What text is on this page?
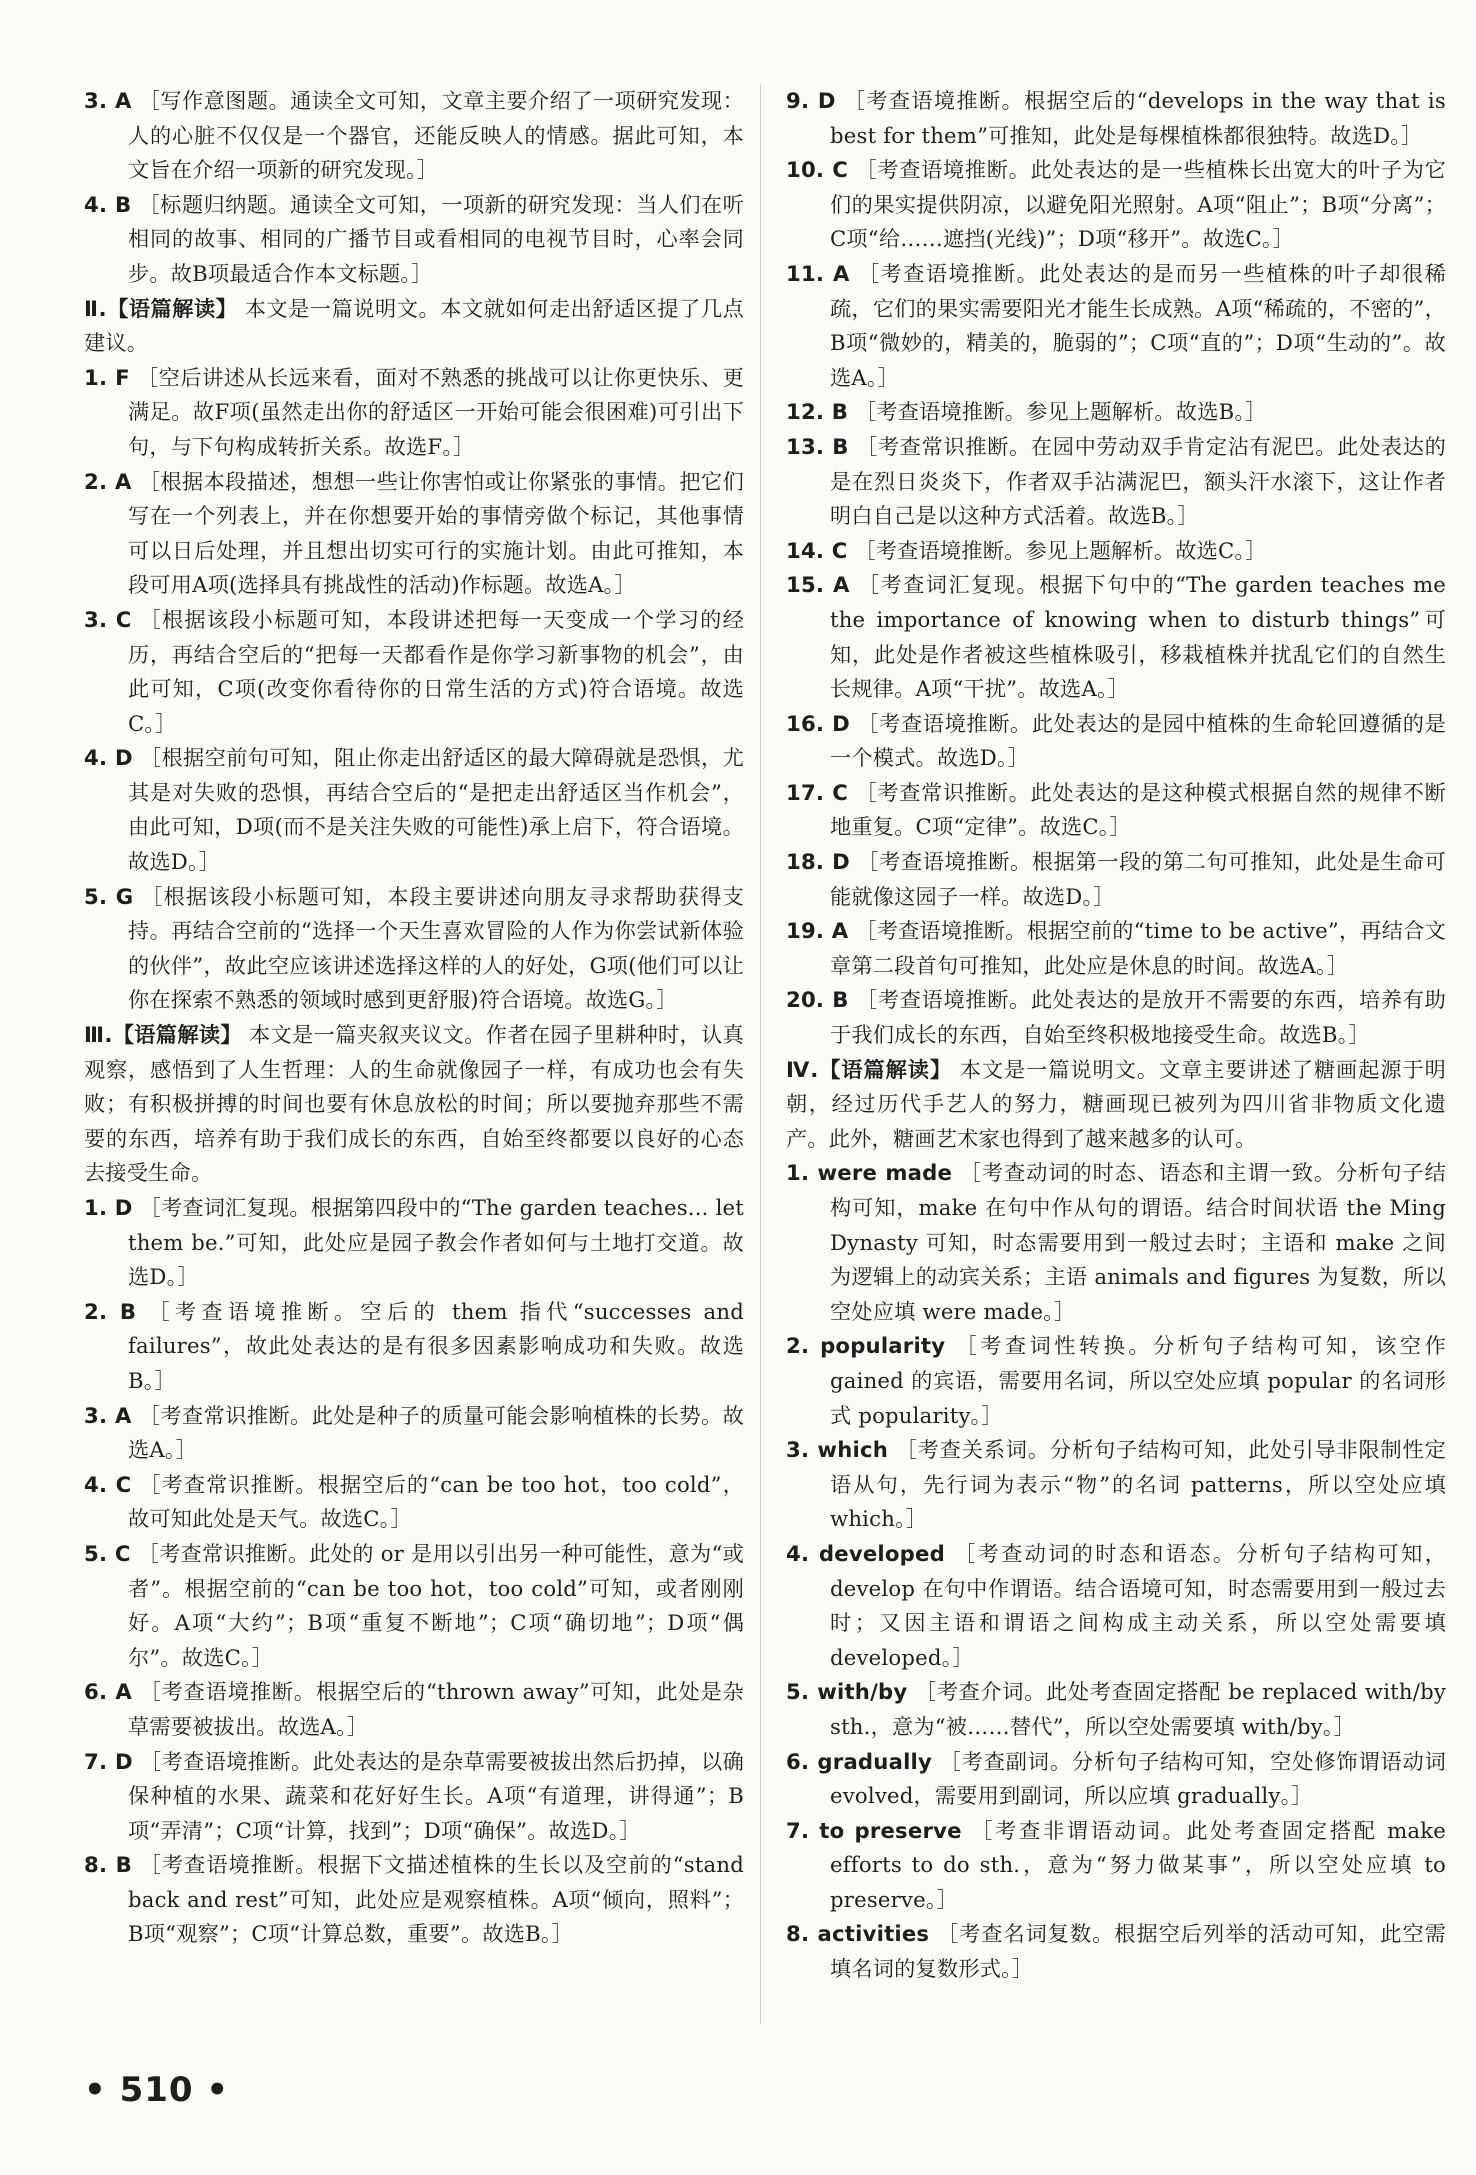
3. A ［写作意图题。通读全文可知，文章主要介绍了一项研究发现：人的心脏不仅仅是一个器官，还能反映人的情感。据此可知，本文旨在介绍一项新的研究发现。］

4. B ［标题归纳题。通读全文可知，一项新的研究发现：当人们在听相同的故事、相同的广播节目或看相同的电视节目时，心率会同步。故B项最适合作本文标题。］

Ⅱ.【语篇解读】 本文是一篇说明文。本文就如何走出舒适区提了几点建议。

1. F ［空后讲述从长远来看，面对不熟悉的挑战可以让你更快乐、更满足。故F项(虽然走出你的舒适区一开始可能会很困难)可引出下句，与下句构成转折关系。故选F。］

2. A ［根据本段描述，想想一些让你害怕或让你紧张的事情。把它们写在一个列表上，并在你想要开始的事情旁做个标记，其他事情可以日后处理，并且想出切实可行的实施计划。由此可推知，本段可用A项(选择具有挑战性的活动)作标题。故选A。］

3. C ［根据该段小标题可知，本段讲述把每一天变成一个学习的经历，再结合空后的“把每一天都看作是你学习新事物的机会”，由此可知，C项(改变你看待你的日常生活的方式)符合语境。故选C。］

4. D ［根据空前句可知，阻止你走出舒适区的最大障碍就是恐惧，尤其是对失败的恐惧，再结合空后的“是把走出舒适区当作机会”，由此可知，D项(而不是关注失败的可能性)承上启下，符合语境。故选D。］

5. G ［根据该段小标题可知，本段主要讲述向朋友寻求帮助获得支持。再结合空前的“选择一个天生喜欢冒险的人作为你尝试新体验的伙伴”，故此空应该讲述选择这样的人的好处，G项(他们可以让你在探索不熟悉的领域时感到更舒服)符合语境。故选G。］

Ⅲ.【语篇解读】 本文是一篇夹叙夹议文。作者在园子里耕种时，认真观察，感悟到了人生哲理：人的生命就像园子一样，有成功也会有失败；有积极拼搏的时间也要有休息放松的时间；所以要抛弃那些不需要的东西，培养有助于我们成长的东西，自始至终都要以良好的心态去接受生命。

1. D ［考查词汇复现。根据第四段中的“The garden teaches... let them be.”可知，此处应是园子教会作者如何与土地打交道。故选D。］

2. B ［考查语境推断。空后的 them 指代“successes and failures”，故此处表达的是有很多因素影响成功和失败。故选B。］

3. A ［考查常识推断。此处是种子的质量可能会影响植株的长势。故选A。］

4. C ［考查常识推断。根据空后的“can be too hot，too cold”，故可知此处是天气。故选C。］

5. C ［考查常识推断。此处的 or 是用以引出另一种可能性，意为“或者”。根据空前的“can be too hot，too cold”可知，或者刚刚好。A项“大约”；B项“重复不断地”；C项“确切地”；D项“偶尔”。故选C。］

6. A ［考查语境推断。根据空后的“thrown away”可知，此处是杂草需要被拔出。故选A。］

7. D ［考查语境推断。此处表达的是杂草需要被拔出然后扔掉，以确保种植的水果、蔬菜和花好好生长。A项“有道理，讲得通”；B项“弄清”；C项“计算，找到”；D项“确保”。故选D。］

8. B ［考查语境推断。根据下文描述植株的生长以及空前的“stand back and rest”可知，此处应是观察植株。A项“倾向，照料”；B项“观察”；C项“计算总数，重要”。故选B。］

9. D ［考查语境推断。根据空后的“develops in the way that is best for them”可推知，此处是每棵植株都很独特。故选D。］

10. C ［考查语境推断。此处表达的是一些植株长出宽大的叶子为它们的果实提供阴凉，以避免阳光照射。A项“阻止”；B项“分离”；C项“给……遮挡(光线)”；D项“移开”。故选C。］

11. A ［考查语境推断。此处表达的是而另一些植株的叶子却很稀疏，它们的果实需要阳光才能生长成熟。A项“稀疏的，不密的”，B项“微妙的，精美的，脆弱的”；C项“直的”；D项“生动的”。故选A。］

12. B ［考查语境推断。参见上题解析。故选B。］

13. B ［考查常识推断。在园中劳动双手肯定沾有泥巴。此处表达的是在烈日炎炎下，作者双手沾满泥巴，额头汗水滚下，这让作者明白自己是以这种方式活着。故选B。］

14. C ［考查语境推断。参见上题解析。故选C。］

15. A ［考查词汇复现。根据下句中的“The garden teaches me the importance of knowing when to disturb things”可知，此处是作者被这些植株吸引，移栽植株并扰乱它们的自然生长规律。A项“干扰”。故选A。］

16. D ［考查语境推断。此处表达的是园中植株的生命轮回遵循的是一个模式。故选D。］

17. C ［考查常识推断。此处表达的是这种模式根据自然的规律不断地重复。C项“定律”。故选C。］

18. D ［考查语境推断。根据第一段的第二句可推知，此处是生命可能就像这园子一样。故选D。］

19. A ［考查语境推断。根据空前的“time to be active”，再结合文章第二段首句可推知，此处应是休息的时间。故选A。］

20. B ［考查语境推断。此处表达的是放开不需要的东西，培养有助于我们成长的东西，自始至终积极地接受生命。故选B。］

Ⅳ.【语篇解读】 本文是一篇说明文。文章主要讲述了糖画起源于明朝，经过历代手艺人的努力，糖画现已被列为四川省非物质文化遗产。此外，糖画艺术家也得到了越来越多的认可。

1. were made ［考查动词的时态、语态和主谓一致。分析句子结构可知，make 在句中作从句的谓语。结合时间状语 the Ming Dynasty 可知，时态需要用到一般过去时；主语和 make 之间为逻辑上的动宾关系；主语 animals and figures 为复数，所以空处应填 were made。］

2. popularity ［考查词性转换。分析句子结构可知，该空作 gained 的宾语，需要用名词，所以空处应填 popular 的名词形式 popularity。］

3. which ［考查关系词。分析句子结构可知，此处引导非限制性定语从句，先行词为表示“物”的名词 patterns，所以空处应填 which。］

4. developed ［考查动词的时态和语态。分析句子结构可知，develop 在句中作谓语。结合语境可知，时态需要用到一般过去时；又因主语和谓语之间构成主动关系，所以空处需要填 developed。］

5. with/by ［考查介词。此处考查固定搭配 be replaced with/by sth.，意为“被……替代”，所以空处需要填 with/by。］

6. gradually ［考查副词。分析句子结构可知，空处修饰谓语动词 evolved，需要用到副词，所以应填 gradually。］

7. to preserve ［考查非谓语动词。此处考查固定搭配 make efforts to do sth.，意为“努力做某事”，所以空处应填 to preserve。］

8. activities ［考查名词复数。根据空后列举的活动可知，此空需填名词的复数形式。］

• 510 •
